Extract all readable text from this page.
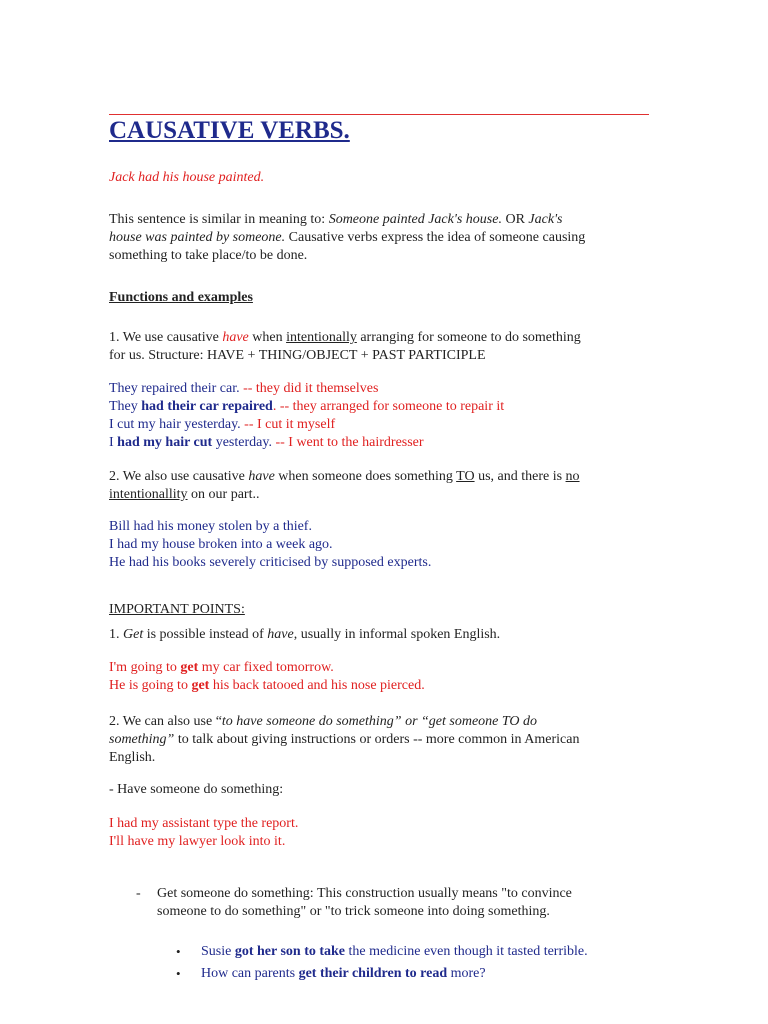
CAUSATIVE VERBS.
Jack had his house painted.
This sentence is similar in meaning to: Someone painted Jack's house. OR Jack's
house was painted by someone. Causative verbs express the idea of someone causing
something to take place/to be done.
Functions and examples
1. We use causative have when intentionally arranging for someone to do something
for us. Structure: HAVE + THING/OBJECT + PAST PARTICIPLE
They repaired their car. -- they did it themselves
They had their car repaired. -- they arranged for someone to repair it
I cut my hair yesterday. -- I cut it myself
I had my hair cut yesterday. -- I went to the hairdresser
2. We also use causative have when someone does something TO us, and there is no
intentionallity on our part..
Bill had his money stolen by a thief.
I had my house broken into a week ago.
He had his books severely criticised by supposed experts.
IMPORTANT POINTS:
1. Get is possible instead of have, usually in informal spoken English.
I'm going to get my car fixed tomorrow.
He is going to get his back tatooed and his nose pierced.
2. We can also use “to have someone do something” or “get someone TO do
something” to talk about giving instructions or orders -- more common in American
English.
- Have someone do something:
I had my assistant type the report.
I'll have my lawyer look into it.
- Get someone do something: This construction usually means "to convince
someone to do something" or "to trick someone into doing something.
• Susie got her son to take the medicine even though it tasted terrible.
• How can parents get their children to read more?
